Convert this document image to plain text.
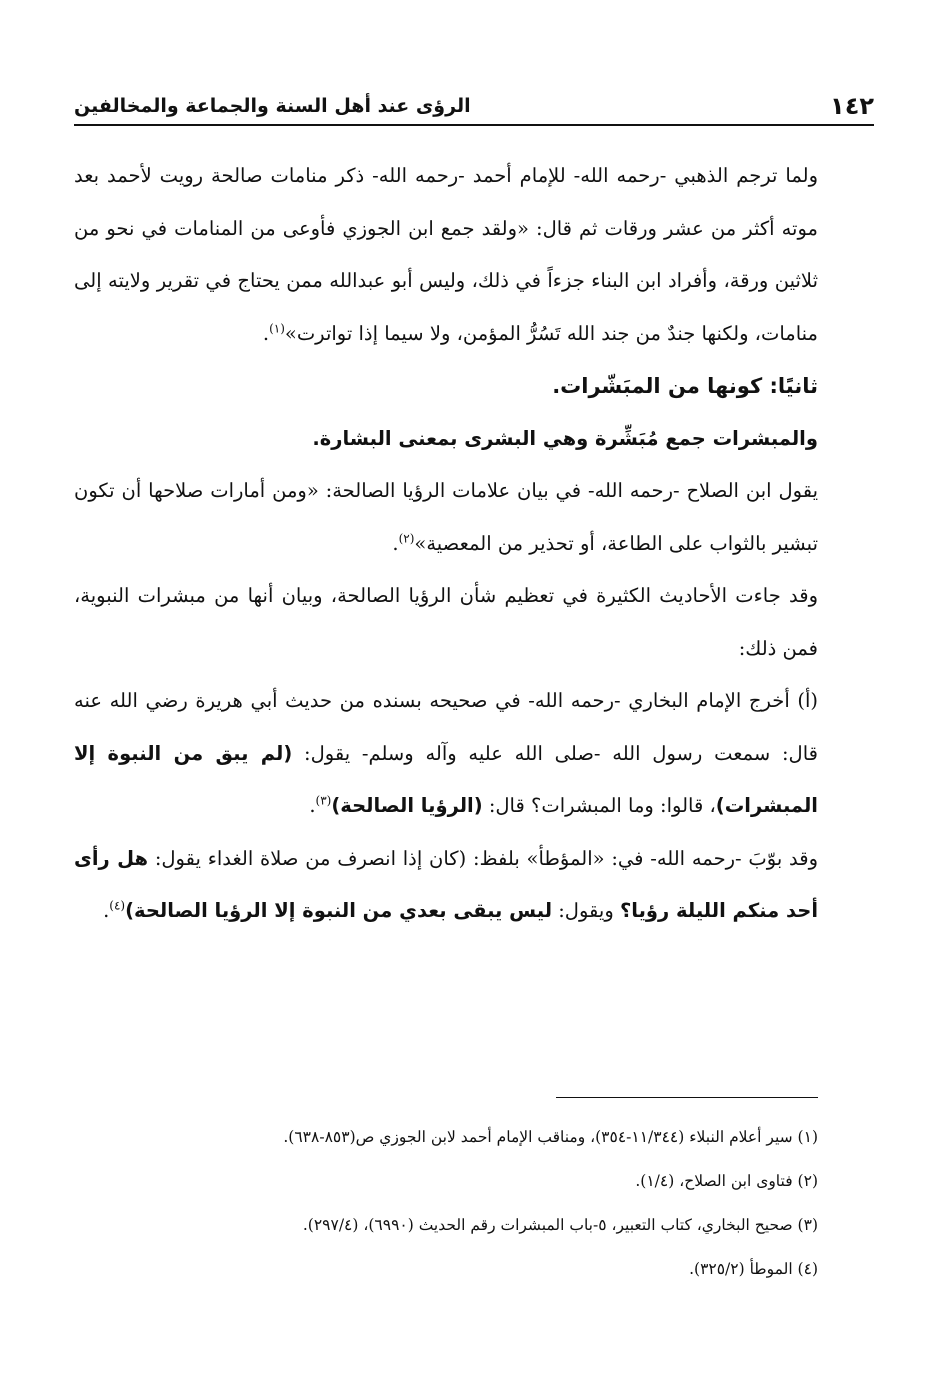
١٤٢
الرؤى عند أهل السنة والجماعة والمخالفين

ولما ترجم الذهبي -رحمه الله- للإمام أحمد -رحمه الله- ذكر منامات صالحة رويت لأحمد بعد موته أكثر من عشر ورقات ثم قال: «ولقد جمع ابن الجوزي فأوعى من المنامات في نحو من ثلاثين ورقة، وأفراد ابن البناء جزءاً في ذلك، وليس أبو عبدالله ممن يحتاج في تقرير ولايته إلى منامات، ولكنها جندٌ من جند الله تَسُرُّ المؤمن، ولا سيما إذا تواترت»$^{(١)}$.

ثانيًا: كونها من المبَشّرات.

والمبشرات جمع مُبَشِّرة وهي البشرى بمعنى البشارة.

يقول ابن الصلاح -رحمه الله- في بيان علامات الرؤيا الصالحة: «ومن أمارات صلاحها أن تكون تبشير بالثواب على الطاعة، أو تحذير من المعصية»$^{(٢)}$.

وقد جاءت الأحاديث الكثيرة في تعظيم شأن الرؤيا الصالحة، وبيان أنها من مبشرات النبوية، فمن ذلك:

(أ) أخرج الإمام البخاري -رحمه الله- في صحيحه بسنده من حديث أبي هريرة رضي الله عنه قال: سمعت رسول الله -صلى الله عليه وآله وسلم- يقول: (لم يبق من النبوة إلا المبشرات)، قالوا: وما المبشرات؟ قال: (الرؤيا الصالحة)$^{(٣)}$.

وقد بوّبَ -رحمه الله- في: «المؤطأ» بلفظ: (كان إذا انصرف من صلاة الغداء يقول: هل رأى أحد منكم الليلة رؤيا؟ ويقول: ليس يبقى بعدي من النبوة إلا الرؤيا الصالحة)$^{(٤)}$.

(١) سير أعلام النبلاء (١١/٣٤٤-٣٥٤)، ومناقب الإمام أحمد لابن الجوزي ص(٨٥٣-٦٣٨).

(٢) فتاوى ابن الصلاح، (١/٤).

(٣) صحيح البخاري، كتاب التعبير، ٥-باب المبشرات رقم الحديث (٦٩٩٠)، (٢٩٧/٤).

(٤) الموطأ (٣٢٥/٢).
